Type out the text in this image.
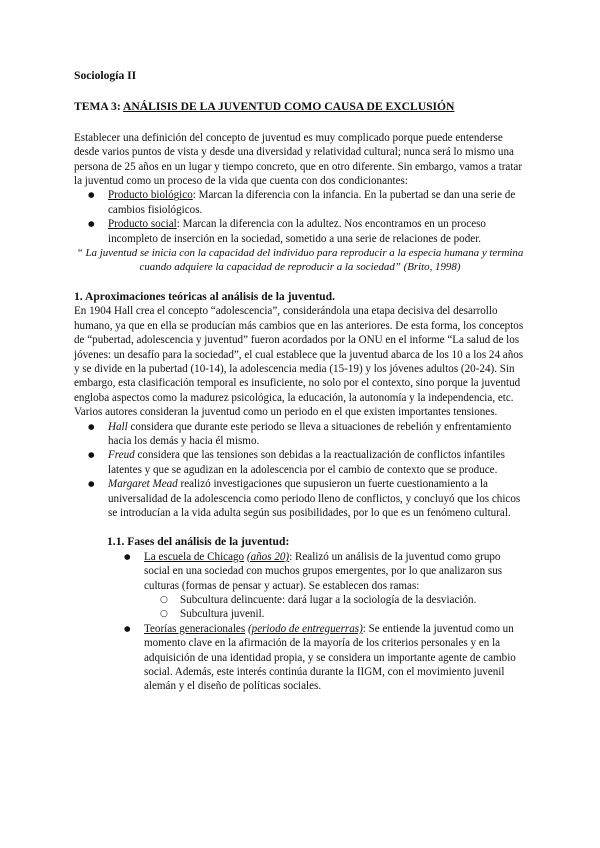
Sociología II

TEMA 3: ANÁLISIS DE LA JUVENTUD COMO CAUSA DE EXCLUSIÓN

Establecer una definición del concepto de juventud es muy complicado porque puede entenderse desde varios puntos de vista y desde una diversidad y relatividad cultural; nunca será lo mismo una persona de 25 años en un lugar y tiempo concreto, que en otro diferente. Sin embargo, vamos a tratar la juventud como un proceso de la vida que cuenta con dos condicionantes:

● Producto biológico: Marcan la diferencia con la infancia. En la pubertad se dan una serie de cambios fisiológicos.
● Producto social: Marcan la diferencia con la adultez. Nos encontramos en un proceso incompleto de inserción en la sociedad, sometido a una serie de relaciones de poder.

“ La juventud se inicia con la capacidad del individuo para reproducir a la especia humana y termina cuando adquiere la capacidad de reproducir a la sociedad” (Brito, 1998)

1. Aproximaciones teóricas al análisis de la juventud.

En 1904 Hall crea el concepto “adolescencia”, considerándola una etapa decisiva del desarrollo humano, ya que en ella se producían más cambios que en las anteriores. De esta forma, los conceptos de “pubertad, adolescencia y juventud” fueron acordados por la ONU en el informe “La salud de los jóvenes: un desafío para la sociedad”, el cual establece que la juventud abarca de los 10 a los 24 años y se divide en la pubertad (10-14), la adolescencia media (15-19) y los jóvenes adultos (20-24). Sin embargo, esta clasificación temporal es insuficiente, no solo por el contexto, sino porque la juventud engloba aspectos como la madurez psicológica, la educación, la autonomía y la independencia, etc.

Varios autores consideran la juventud como un periodo en el que existen importantes tensiones.

● Hall considera que durante este periodo se lleva a situaciones de rebelión y enfrentamiento hacia los demás y hacia él mismo.
● Freud considera que las tensiones son debidas a la reactualización de conflictos infantiles latentes y que se agudizan en la adolescencia por el cambio de contexto que se produce.
● Margaret Mead realizó investigaciones que supusieron un fuerte cuestionamiento a la universalidad de la adolescencia como periodo lleno de conflictos, y concluyó que los chicos se introducían a la vida adulta según sus posibilidades, por lo que es un fenómeno cultural.

1.1. Fases del análisis de la juventud:

● La escuela de Chicago (años 20): Realizó un análisis de la juventud como grupo social en una sociedad con muchos grupos emergentes, por lo que analizaron sus culturas (formas de pensar y actuar). Se establecen dos ramas:
○ Subcultura delincuente: dará lugar a la sociología de la desviación.
○ Subcultura juvenil.
● Teorías generacionales (periodo de entreguerras): Se entiende la juventud como un momento clave en la afirmación de la mayoría de los criterios personales y en la adquisición de una identidad propia, y se considera un importante agente de cambio social. Además, este interés continúa durante la IIGM, con el movimiento juvenil alemán y el diseño de políticas sociales.
